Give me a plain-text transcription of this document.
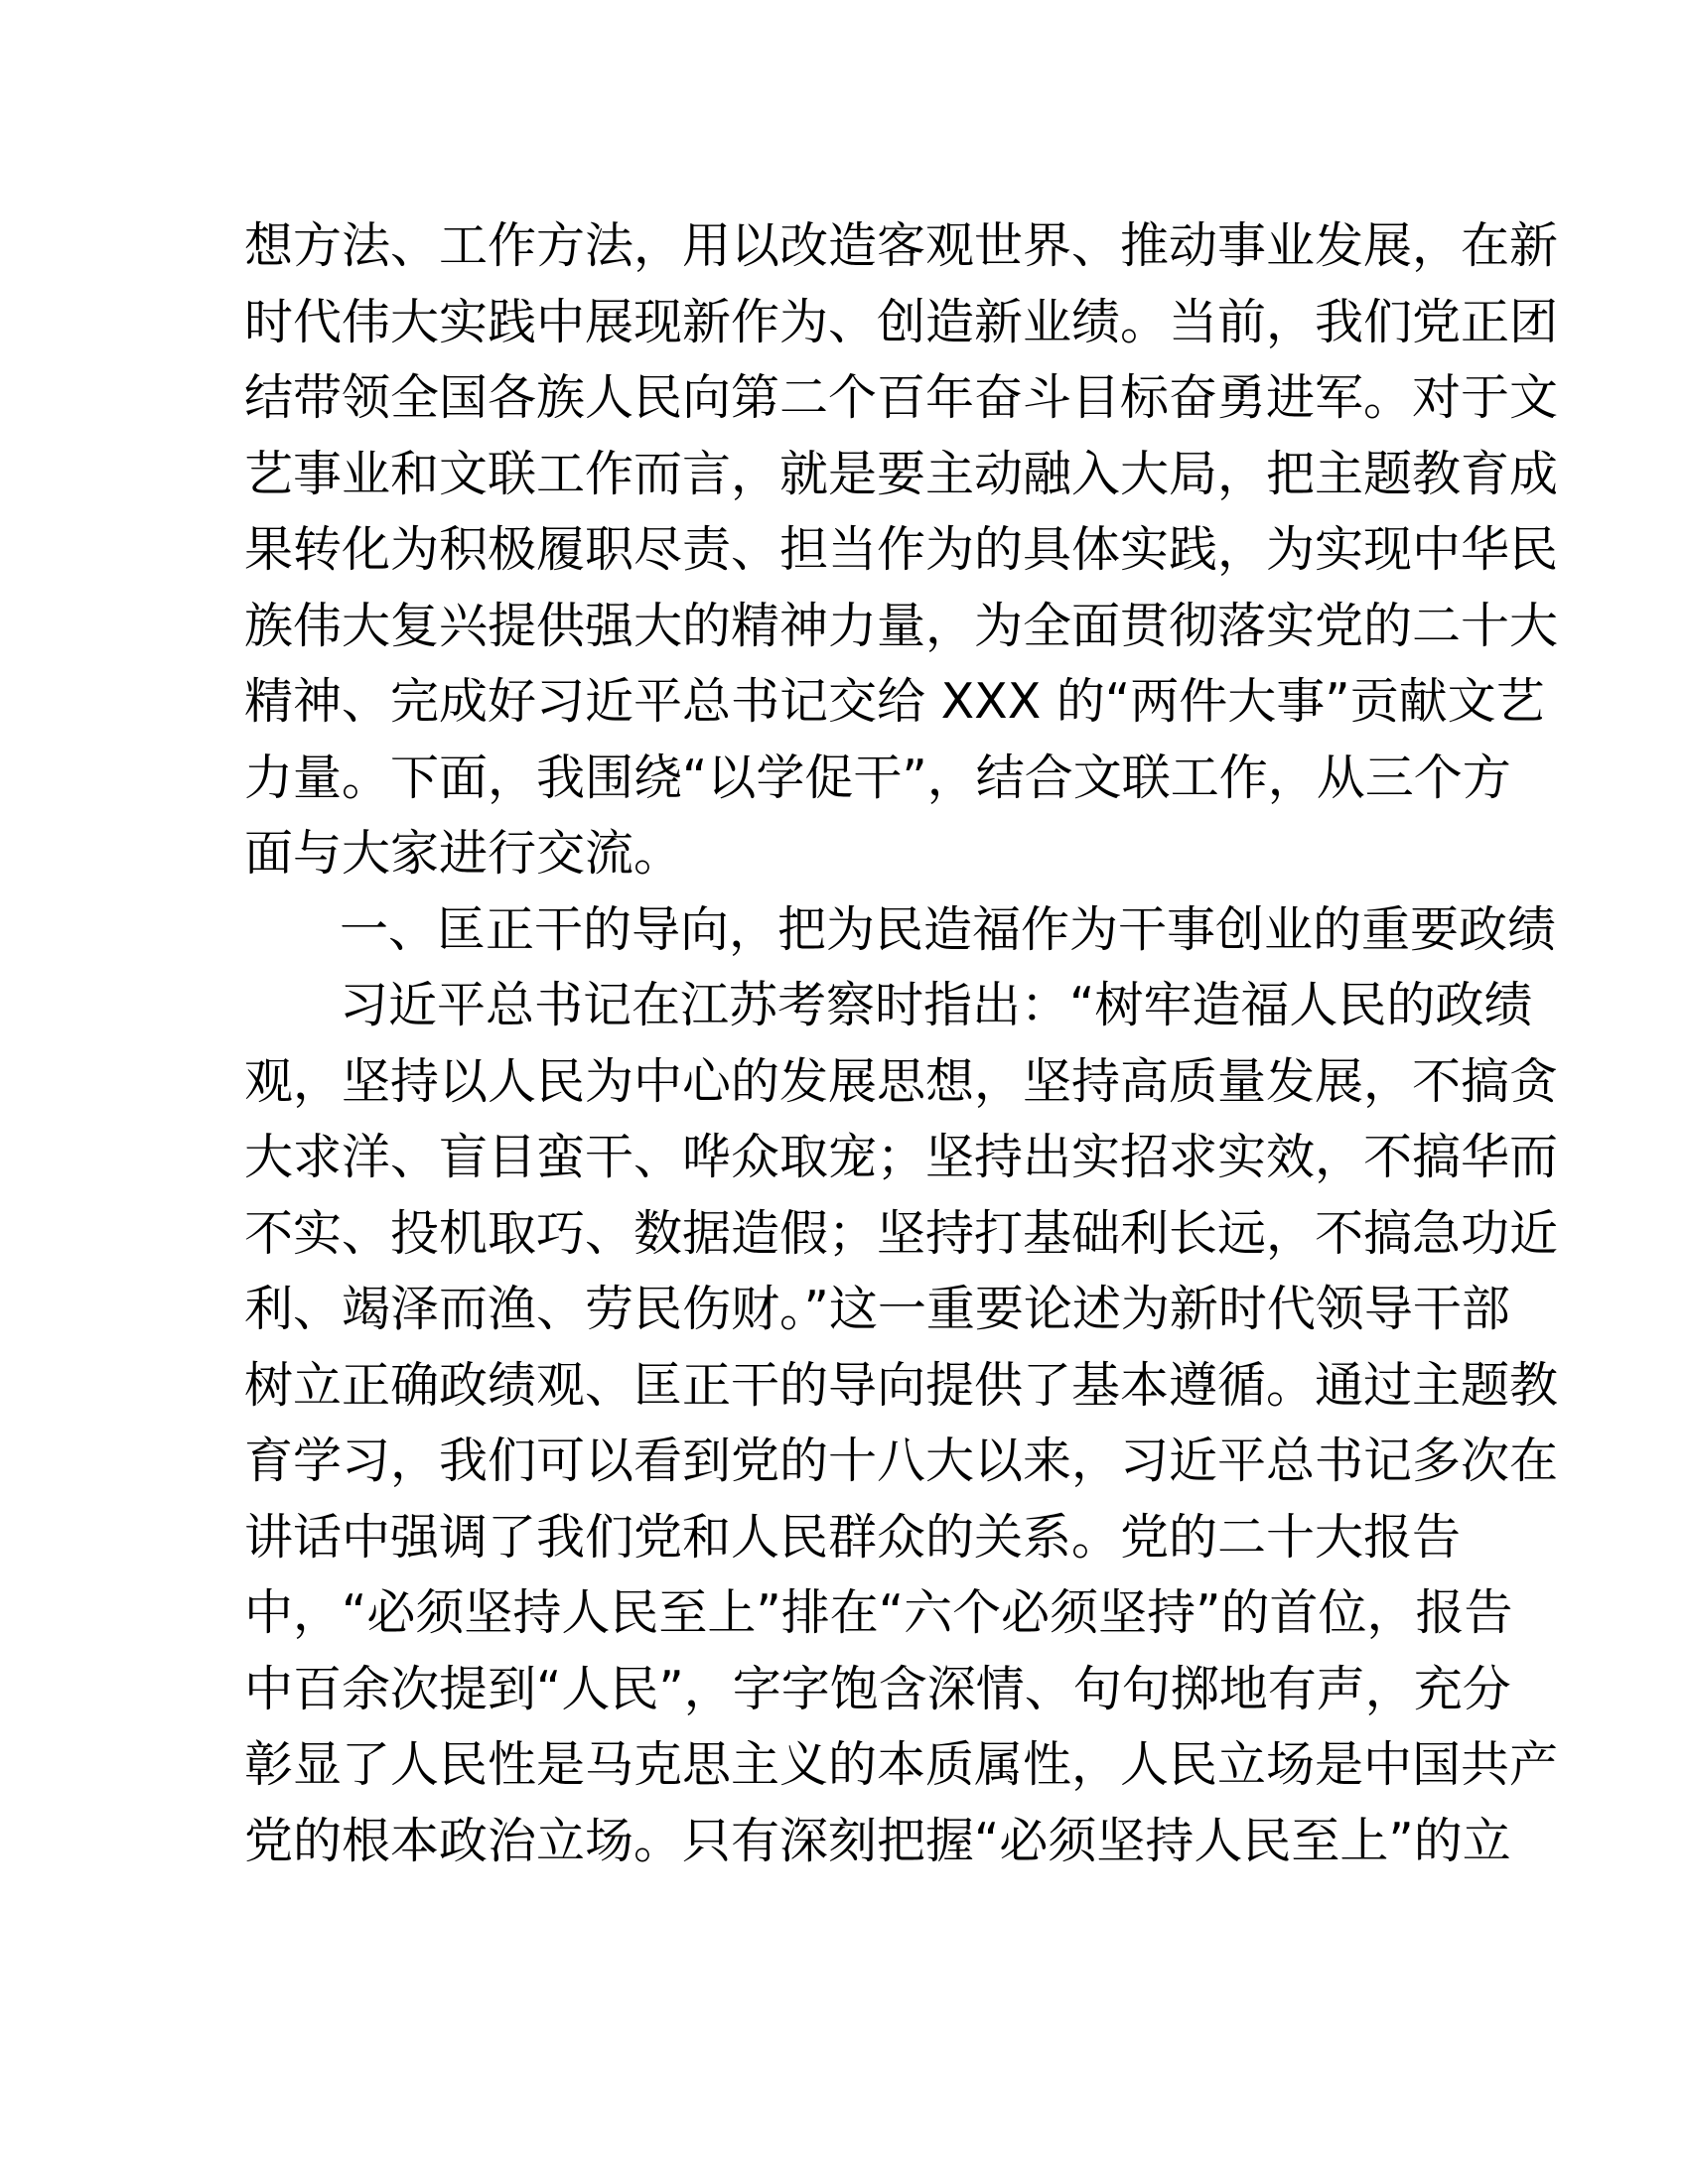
想方法、工作方法，用以改造客观世界、推动事业发展，在新
时代伟大实践中展现新作为、创造新业绩。当前，我们党正团
结带领全国各族人民向第二个百年奋斗目标奋勇进军。对于文
艺事业和文联工作而言，就是要主动融入大局，把主题教育成
果转化为积极履职尽责、担当作为的具体实践，为实现中华民
族伟大复兴提供强大的精神力量，为全面贯彻落实党的二十大
精神、完成好习近平总书记交给 XXX 的“两件大事”贡献文艺
力量。下面，我围绕“以学促干”，结合文联工作，从三个方
面与大家进行交流。
一、匡正干的导向，把为民造福作为干事创业的重要政绩
习近平总书记在江苏考察时指出：“树牢造福人民的政绩
观，坚持以人民为中心的发展思想，坚持高质量发展，不搞贪
大求洋、盲目蛮干、哗众取宠；坚持出实招求实效，不搞华而
不实、投机取巧、数据造假；坚持打基础利长远，不搞急功近
利、竭泽而渔、劳民伤财。”这一重要论述为新时代领导干部
树立正确政绩观、匡正干的导向提供了基本遵循。通过主题教
育学习，我们可以看到党的十八大以来，习近平总书记多次在
讲话中强调了我们党和人民群众的关系。党的二十大报告
中，“必须坚持人民至上”排在“六个必须坚持”的首位，报告
中百余次提到“人民”，字字饱含深情、句句掷地有声，充分
彰显了人民性是马克思主义的本质属性，人民立场是中国共产
党的根本政治立场。只有深刻把握“必须坚持人民至上”的立
